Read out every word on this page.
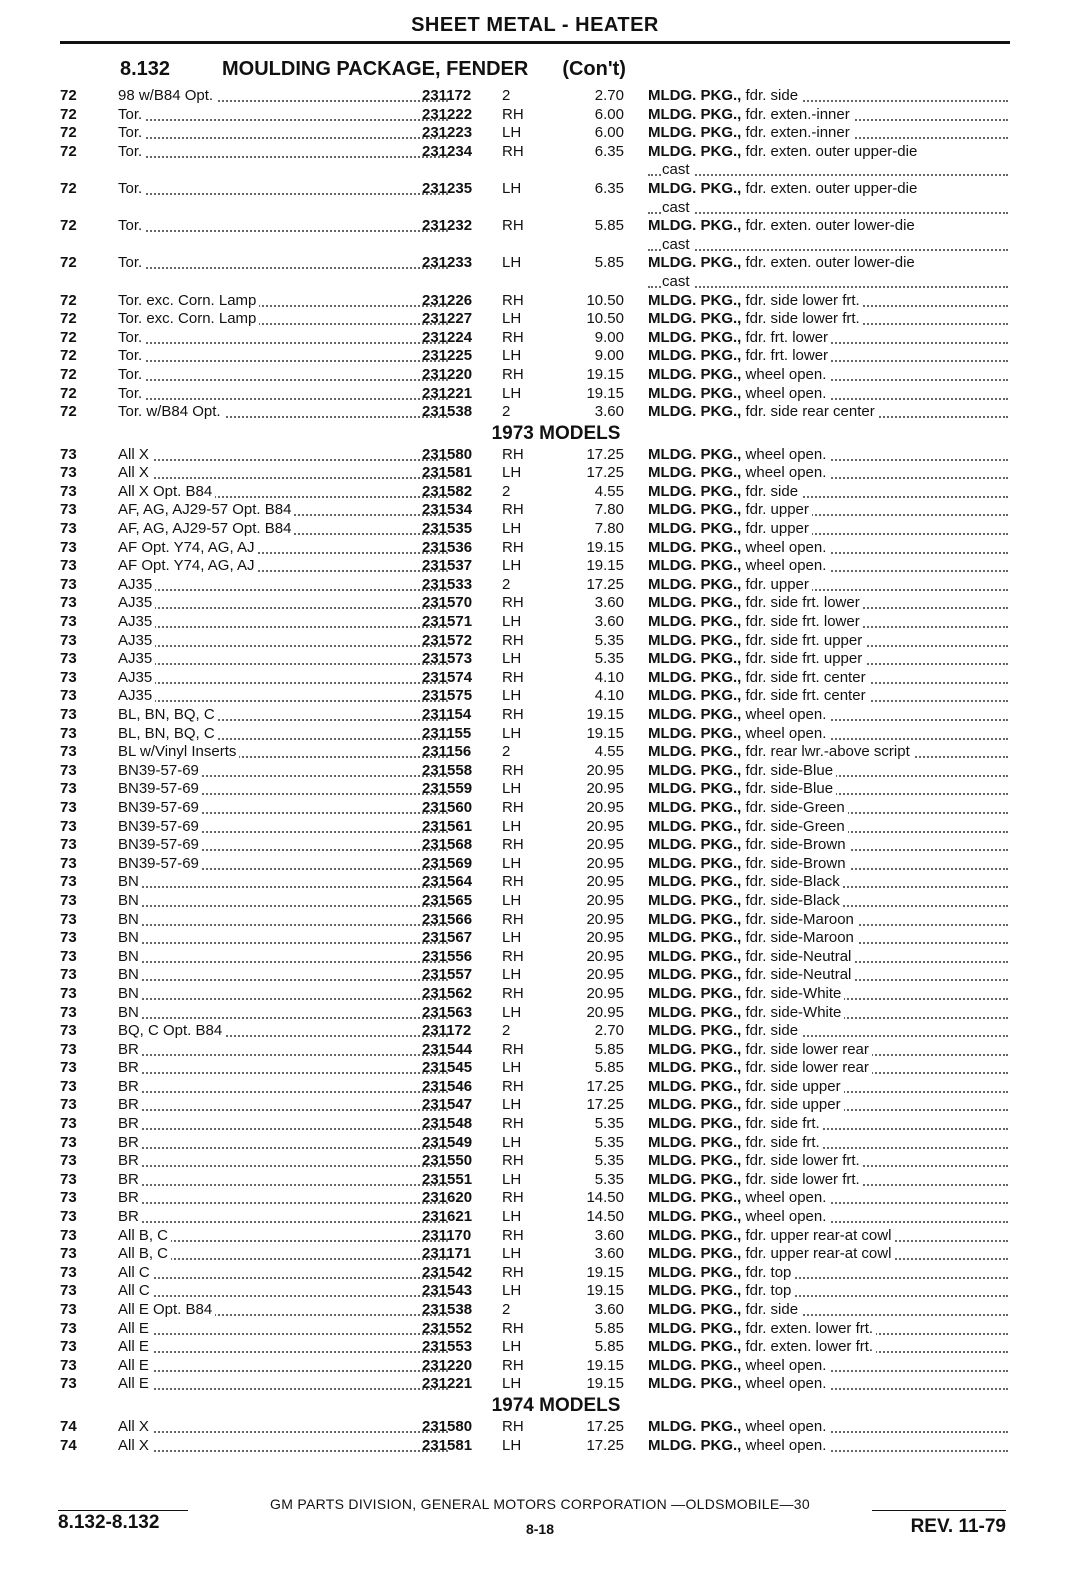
SHEET METAL - HEATER
8.132	MOULDING PACKAGE, FENDER (Con't)
72	98 w/B84 Opt.	231172	2	2.70 MLDG. PKG., fdr. side
72	Tor.	231222	RH	6.00 MLDG. PKG., fdr. exten.-inner
72	Tor.	231223	LH	6.00 MLDG. PKG., fdr. exten.-inner
72	Tor.	231234	RH	6.35 MLDG. PKG., fdr. exten. outer upper-die
cast
72	Tor.	231235	LH	6.35 MLDG. PKG., fdr. exten. outer upper-die
cast
72	Tor.	231232	RH	5.85 MLDG. PKG., fdr. exten. outer lower-die
cast
72	Tor.	231233	LH	5.85 MLDG. PKG., fdr. exten. outer lower-die
cast
72	Tor. exc. Corn. Lamp	231226	RH	10.50 MLDG. PKG., fdr. side lower frt.
72	Tor. exc. Corn. Lamp	231227	LH	10.50 MLDG. PKG., fdr. side lower frt.
72	Tor.	231224	RH	9.00 MLDG. PKG., fdr. frt. lower
72	Tor.	231225	LH	9.00 MLDG. PKG., fdr. frt. lower
72	Tor.	231220	RH	19.15 MLDG. PKG., wheel open.
72	Tor.	231221	LH	19.15 MLDG. PKG., wheel open.
72	Tor. w/B84 Opt.	231538	2	3.60 MLDG. PKG., fdr. side rear center
1973 MODELS
73	All X	231580	RH	17.25 MLDG. PKG., wheel open.
73	All X	231581	LH	17.25 MLDG. PKG., wheel open.
73	All X Opt. B84	231582	2	4.55 MLDG. PKG., fdr. side
73	AF, AG, AJ29-57 Opt. B84	231534	RH	7.80 MLDG. PKG., fdr. upper
73	AF, AG, AJ29-57 Opt. B84	231535	LH	7.80 MLDG. PKG., fdr. upper
73	AF Opt. Y74, AG, AJ	231536	RH	19.15 MLDG. PKG., wheel open.
73	AF Opt. Y74, AG, AJ	231537	LH	19.15 MLDG. PKG., wheel open.
73	AJ35	231533	2	17.25 MLDG. PKG., fdr. upper
73	AJ35	231570	RH	3.60 MLDG. PKG., fdr. side frt. lower
73	AJ35	231571	LH	3.60 MLDG. PKG., fdr. side frt. lower
73	AJ35	231572	RH	5.35 MLDG. PKG., fdr. side frt. upper
73	AJ35	231573	LH	5.35 MLDG. PKG., fdr. side frt. upper
73	AJ35	231574	RH	4.10 MLDG. PKG., fdr. side frt. center
73	AJ35	231575	LH	4.10 MLDG. PKG., fdr. side frt. center
73	BL, BN, BQ, C	231154	RH	19.15 MLDG. PKG., wheel open.
73	BL, BN, BQ, C	231155	LH	19.15 MLDG. PKG., wheel open.
73	BL w/Vinyl Inserts	231156	2	4.55 MLDG. PKG., fdr. rear lwr.-above script
73	BN39-57-69	231558	RH	20.95 MLDG. PKG., fdr. side-Blue
73	BN39-57-69	231559	LH	20.95 MLDG. PKG., fdr. side-Blue
73	BN39-57-69	231560	RH	20.95 MLDG. PKG., fdr. side-Green
73	BN39-57-69	231561	LH	20.95 MLDG. PKG., fdr. side-Green
73	BN39-57-69	231568	RH	20.95 MLDG. PKG., fdr. side-Brown
73	BN39-57-69	231569	LH	20.95 MLDG. PKG., fdr. side-Brown
73	BN	231564	RH	20.95 MLDG. PKG., fdr. side-Black
73	BN	231565	LH	20.95 MLDG. PKG., fdr. side-Black
73	BN	231566	RH	20.95 MLDG. PKG., fdr. side-Maroon
73	BN	231567	LH	20.95 MLDG. PKG., fdr. side-Maroon
73	BN	231556	RH	20.95 MLDG. PKG., fdr. side-Neutral
73	BN	231557	LH	20.95 MLDG. PKG., fdr. side-Neutral
73	BN	231562	RH	20.95 MLDG. PKG., fdr. side-White
73	BN	231563	LH	20.95 MLDG. PKG., fdr. side-White
73	BQ, C Opt. B84	231172	2	2.70 MLDG. PKG., fdr. side
73	BR	231544	RH	5.85 MLDG. PKG., fdr. side lower rear
73	BR	231545	LH	5.85 MLDG. PKG., fdr. side lower rear
73	BR	231546	RH	17.25 MLDG. PKG., fdr. side upper
73	BR	231547	LH	17.25 MLDG. PKG., fdr. side upper
73	BR	231548	RH	5.35 MLDG. PKG., fdr. side frt.
73	BR	231549	LH	5.35 MLDG. PKG., fdr. side frt.
73	BR	231550	RH	5.35 MLDG. PKG., fdr. side lower frt.
73	BR	231551	LH	5.35 MLDG. PKG., fdr. side lower frt.
73	BR	231620	RH	14.50 MLDG. PKG., wheel open.
73	BR	231621	LH	14.50 MLDG. PKG., wheel open.
73	All B, C	231170	RH	3.60 MLDG. PKG., fdr. upper rear-at cowl
73	All B, C	231171	LH	3.60 MLDG. PKG., fdr. upper rear-at cowl
73	All C	231542	RH	19.15 MLDG. PKG., fdr. top
73	All C	231543	LH	19.15 MLDG. PKG., fdr. top
73	All E Opt. B84	231538	2	3.60 MLDG. PKG., fdr. side
73	All E	231552	RH	5.85 MLDG. PKG., fdr. exten. lower frt.
73	All E	231553	LH	5.85 MLDG. PKG., fdr. exten. lower frt.
73	All E	231220	RH	19.15 MLDG. PKG., wheel open.
73	All E	231221	LH	19.15 MLDG. PKG., wheel open.
1974 MODELS
74	All X	231580	RH	17.25 MLDG. PKG., wheel open.
74	All X	231581	LH	17.25 MLDG. PKG., wheel open.
GM PARTS DIVISION, GENERAL MOTORS CORPORATION —OLDSMOBILE—30
8.132-8.132	8-18	REV. 11-79
